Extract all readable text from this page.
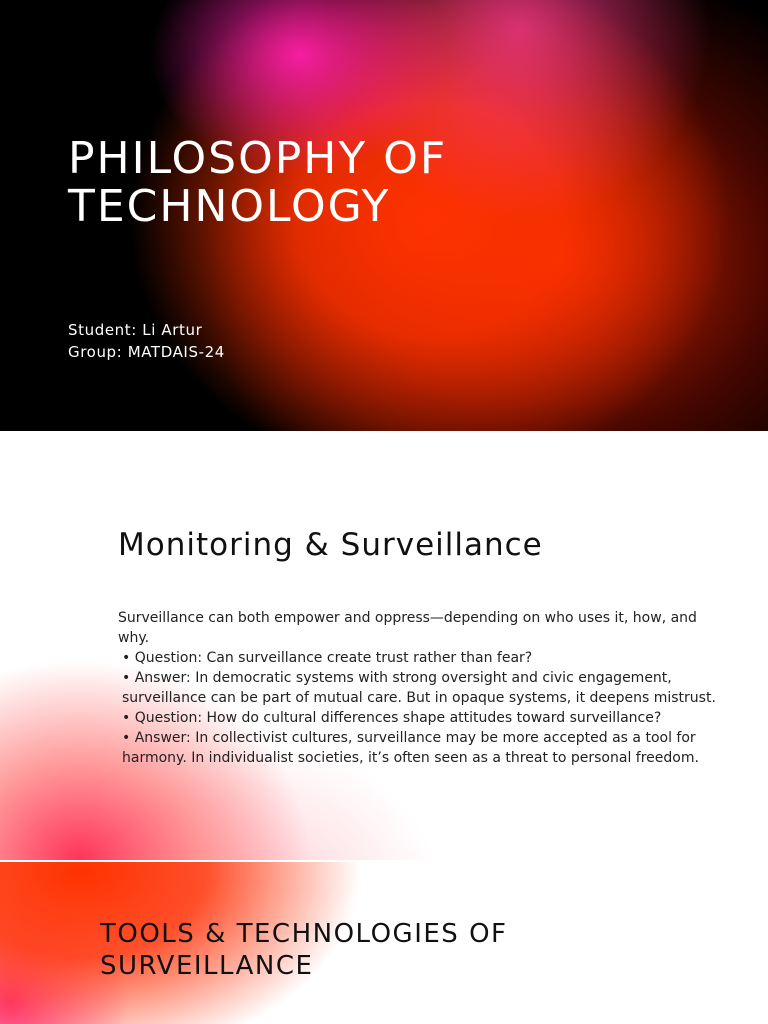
PHILOSOPHY OF
TECHNOLOGY
Student: Li Artur
Group: MATDAIS-24
Monitoring & Surveillance

Surveillance can both empower and oppress—depending on who uses it, how, and why.

• Question: Can surveillance create trust rather than fear?

• Answer: In democratic systems with strong oversight and civic engagement, surveillance can be part of mutual care. But in opaque systems, it deepens mistrust.

• Question: How do cultural differences shape attitudes toward surveillance?

• Answer: In collectivist cultures, surveillance may be more accepted as a tool for harmony. In individualist societies, it’s often seen as a threat to personal freedom.

TOOLS & TECHNOLOGIES OF
SURVEILLANCE
